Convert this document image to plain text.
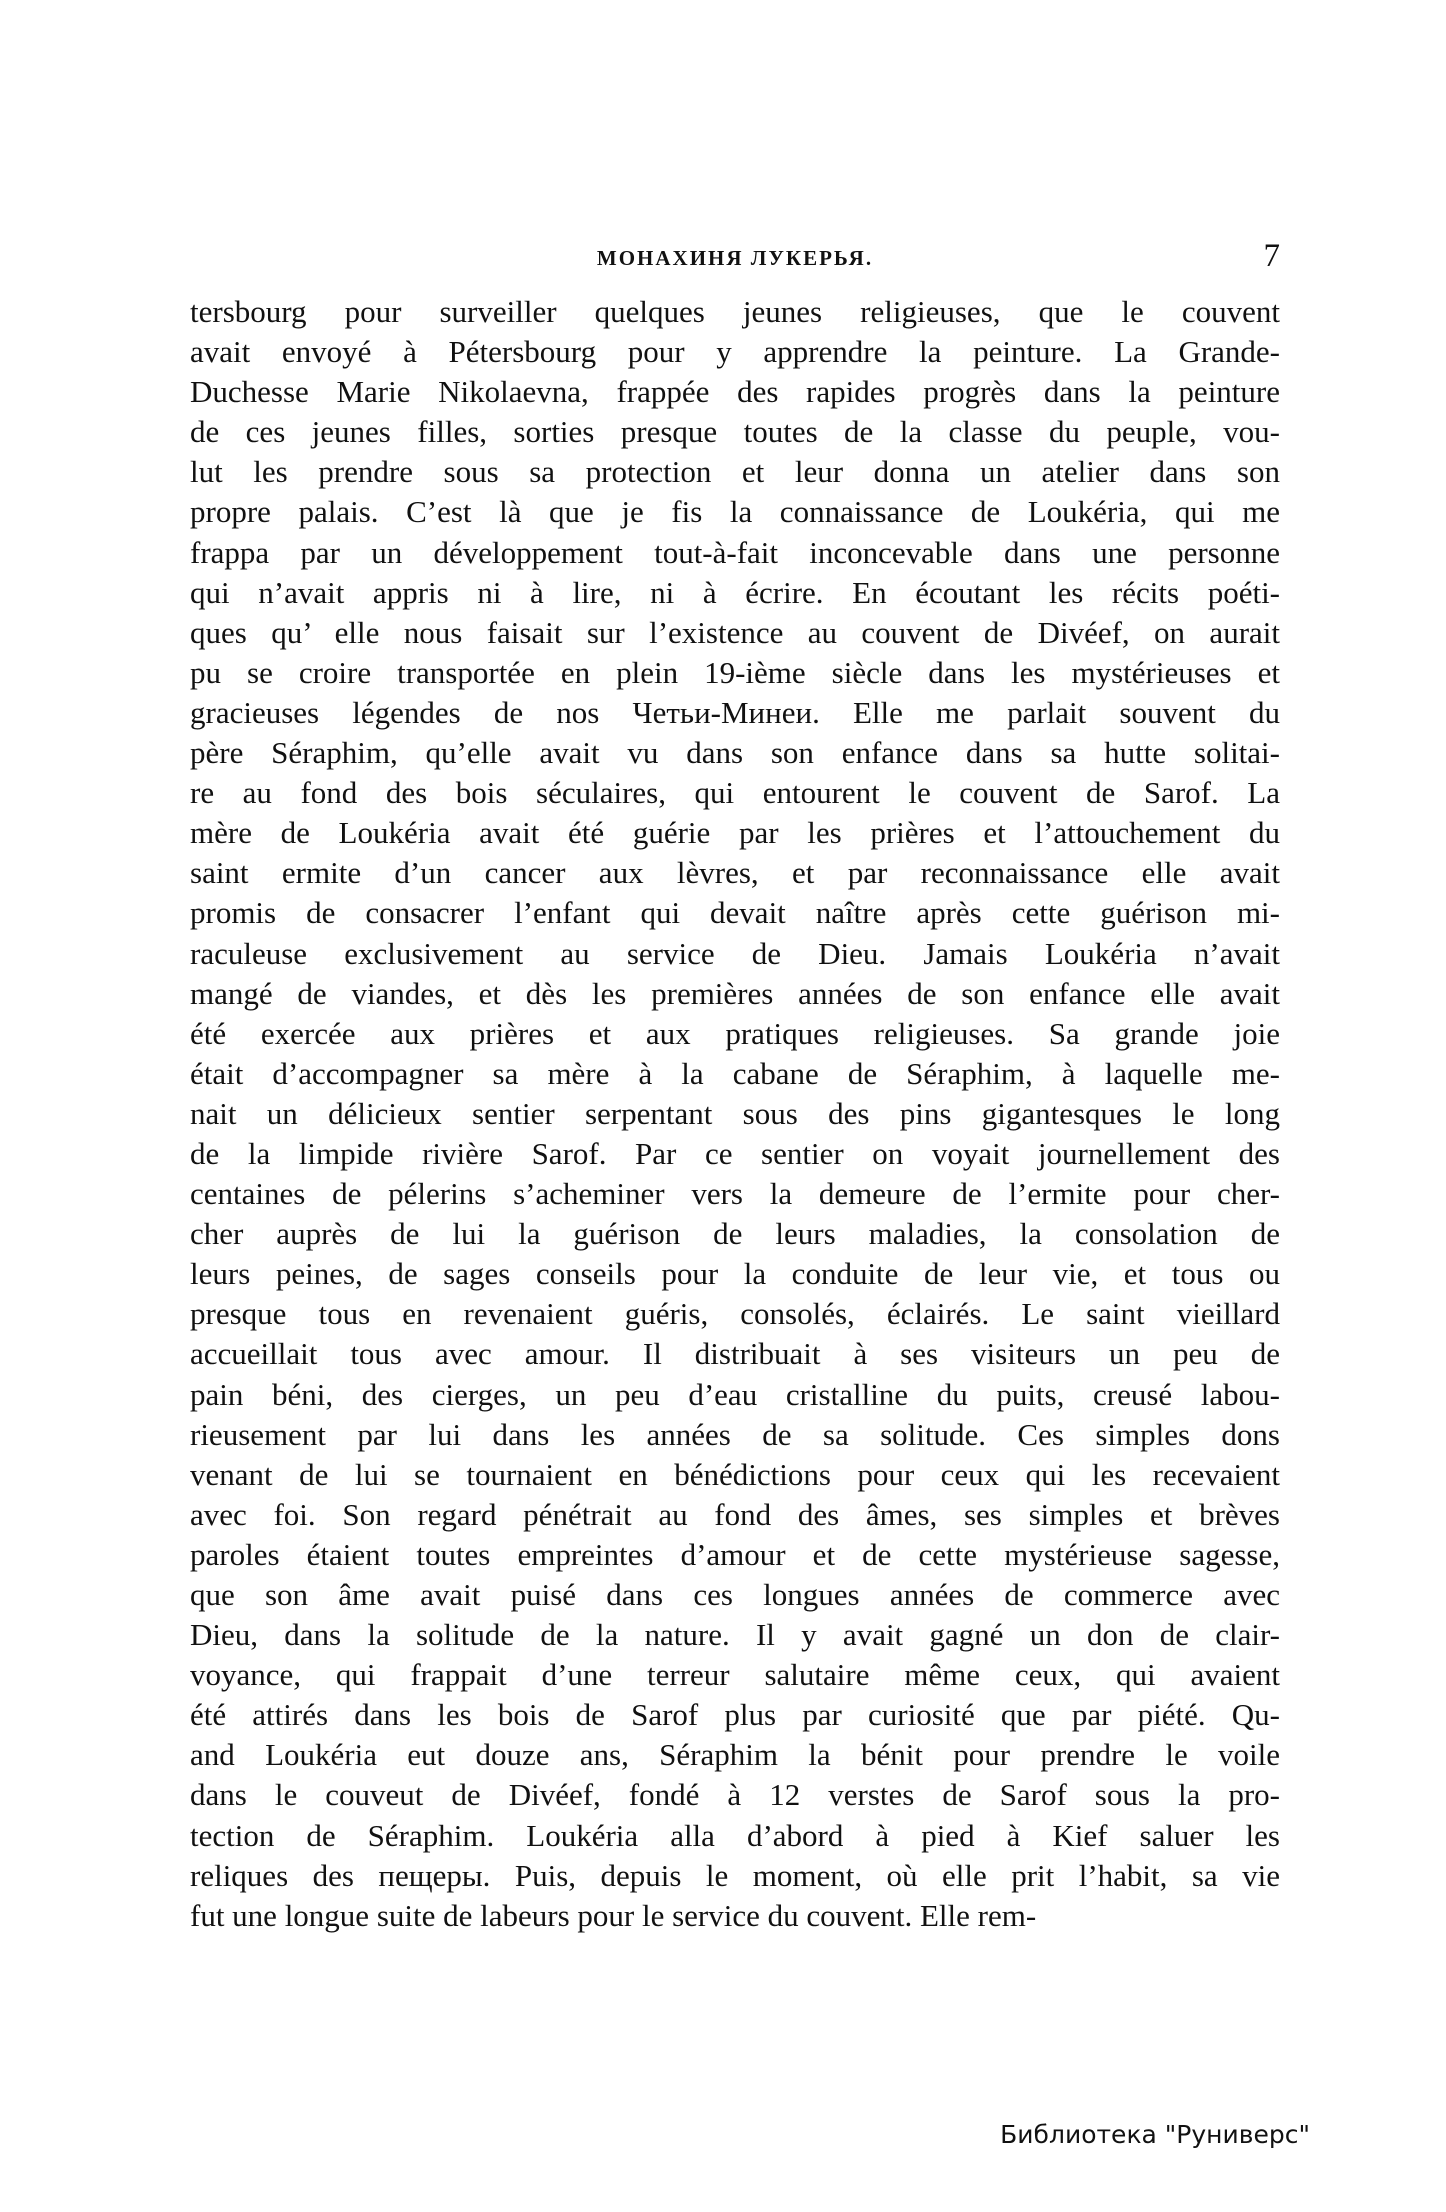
МОНАХИНЯ ЛУКЕРЬЯ.	7
tersbourg pour surveiller quelques jeunes religieuses, que le couvent
avait envoyé à Pétersbourg pour y apprendre la peinture. La Grande-
Duchesse Marie Nikolaevna, frappée des rapides progrès dans la peinture
de ces jeunes filles, sorties presque toutes de la classe du peuple, vou-
lut les prendre sous sa protection et leur donna un atelier dans son
propre palais. C’est là que je fis la connaissance de Loukéria, qui me
frappa par un développement tout-à-fait inconcevable dans une personne
qui n’avait appris ni à lire, ni à écrire. En écoutant les récits poéti-
ques qu’ elle nous faisait sur l’existence au couvent de Divéef, on aurait
pu se croire transportée en plein 19-ième siècle dans les mystérieuses et
gracieuses légendes de nos Четьи-Минеи. Elle me parlait souvent du
père Séraphim, qu’elle avait vu dans son enfance dans sa hutte solitai-
re au fond des bois séculaires, qui entourent le couvent de Sarof. La
mère de Loukéria avait été guérie par les prières et l’attouchement du
saint ermite d’un cancer aux lèvres, et par reconnaissance elle avait
promis de consacrer l’enfant qui devait naître après cette guérison mi-
raculeuse exclusivement au service de Dieu. Jamais Loukéria n’avait
mangé de viandes, et dès les premières années de son enfance elle avait
été exercée aux prières et aux pratiques religieuses. Sa grande joie
était d’accompagner sa mère à la cabane de Séraphim, à laquelle me-
nait un délicieux sentier serpentant sous des pins gigantesques le long
de la limpide rivière Sarof. Par ce sentier on voyait journellement des
centaines de pélerins s’acheminer vers la demeure de l’ermite pour cher-
cher auprès de lui la guérison de leurs maladies, la consolation de
leurs peines, de sages conseils pour la conduite de leur vie, et tous ou
presque tous en revenaient guéris, consolés, éclairés. Le saint vieillard
accueillait tous avec amour. Il distribuait à ses visiteurs un peu de
pain béni, des cierges, un peu d’eau cristalline du puits, creusé labou-
rieusement par lui dans les années de sa solitude. Ces simples dons
venant de lui se tournaient en bénédictions pour ceux qui les recevaient
avec foi. Son regard pénétrait au fond des âmes, ses simples et brèves
paroles étaient toutes empreintes d’amour et de cette mystérieuse sagesse,
que son âme avait puisé dans ces longues années de commerce avec
Dieu, dans la solitude de la nature. Il y avait gagné un don de clair-
voyance, qui frappait d’une terreur salutaire même ceux, qui avaient
été attirés dans les bois de Sarof plus par curiosité que par piété. Qu-
and Loukéria eut douze ans, Séraphim la bénit pour prendre le voile
dans le couveut de Divéef, fondé à 12 verstes de Sarof sous la pro-
tection de Séraphim. Loukéria alla d’abord à pied à Kief saluer les
reliques des пещеры. Puis, depuis le moment, où elle prit l’habit, sa vie
fut une longue suite de labeurs pour le service du couvent. Elle rem-
Библиотека "Руниверс"
